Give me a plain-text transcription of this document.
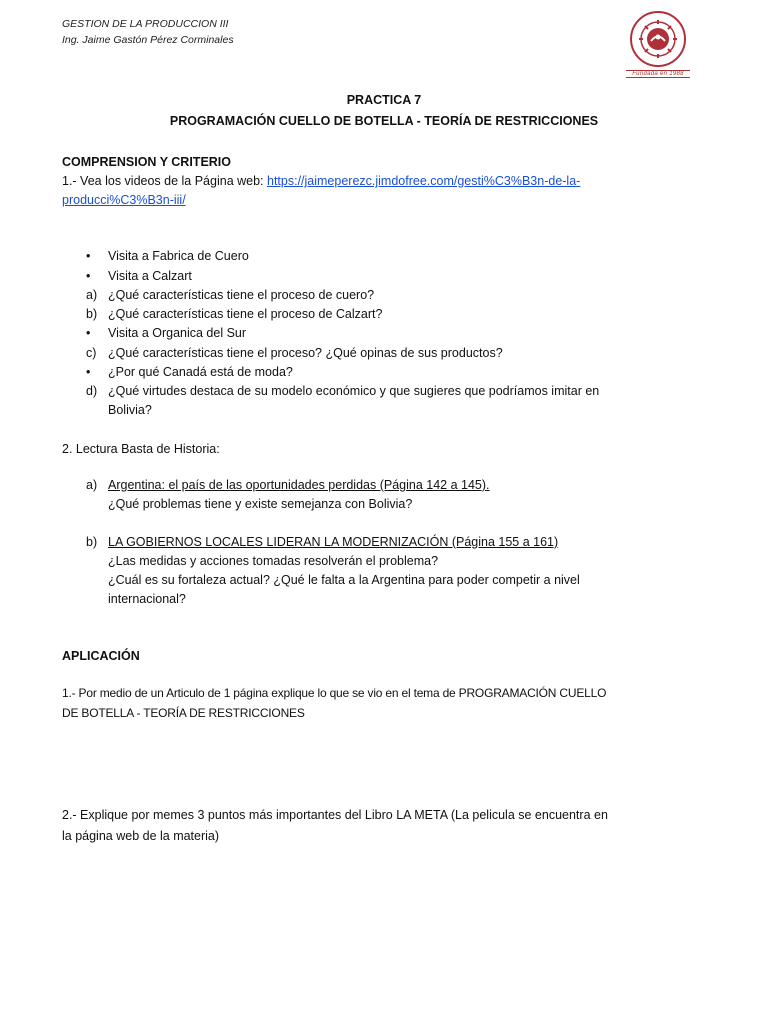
GESTION DE LA PRODUCCION III
Ing. Jaime Gastón Pérez Corminales
Fundada en 1988
PRACTICA 7
PROGRAMACIÓN CUELLO DE BOTELLA - TEORÍA DE RESTRICCIONES
COMPRENSION Y CRITERIO
1.- Vea los videos de la Página web: https://jaimeperezc.jimdofree.com/gesti%C3%B3n-de-la-
producci%C3%B3n-iii/
• Visita a Fabrica de Cuero
• Visita a Calzart
a) ¿Qué características tiene el proceso de cuero?
b) ¿Qué características tiene el proceso de Calzart?
• Visita a Organica del Sur
c) ¿Qué características tiene el proceso? ¿Qué opinas de sus productos?
• ¿Por qué Canadá está de moda?
d) ¿Qué virtudes destaca de su modelo económico y que sugieres que podríamos imitar en
Bolivia?
2. Lectura Basta de Historia:
a) Argentina: el país de las oportunidades perdidas (Página 142 a 145).
¿Qué problemas tiene y existe semejanza con Bolivia?
b) LA GOBIERNOS LOCALES LIDERAN LA MODERNIZACIÓN (Página 155 a 161)
¿Las medidas y acciones tomadas resolverán el problema?
¿Cuál es su fortaleza actual? ¿Qué le falta a la Argentina para poder competir a nivel
internacional?
APLICACIÓN
1.- Por medio de un Articulo de 1 página explique lo que se vio en el tema de PROGRAMACIÓN CUELLO
DE BOTELLA - TEORÍA DE RESTRICCIONES
2.- Explique por memes 3 puntos más importantes del Libro LA META (La pelicula se encuentra en
la página web de la materia)
